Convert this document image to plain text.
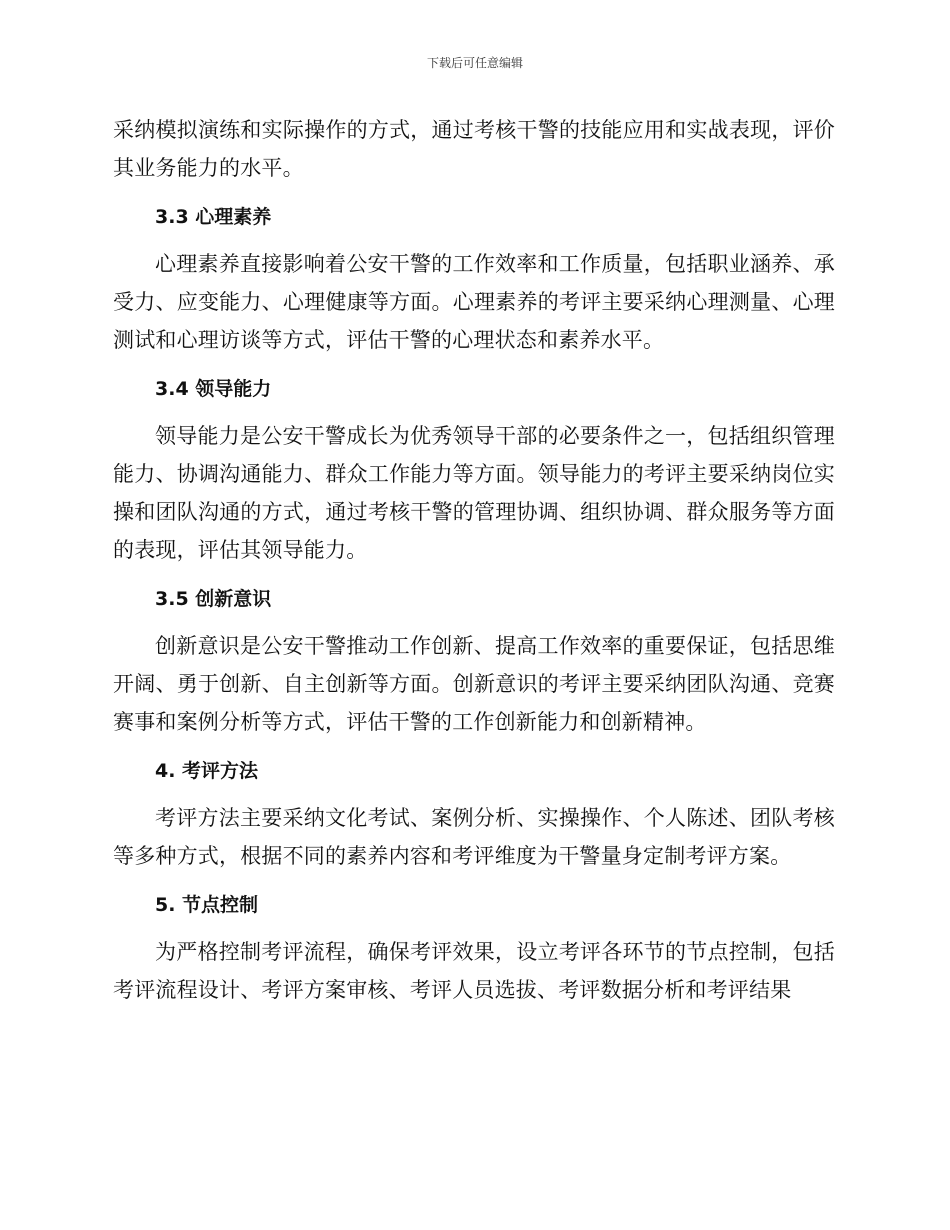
下载后可任意编辑

采纳模拟演练和实际操作的方式，通过考核干警的技能应用和实战表现，评价其业务能力的水平。

3.3 心理素养

心理素养直接影响着公安干警的工作效率和工作质量，包括职业涵养、承受力、应变能力、心理健康等方面。心理素养的考评主要采纳心理测量、心理测试和心理访谈等方式，评估干警的心理状态和素养水平。

3.4 领导能力

领导能力是公安干警成长为优秀领导干部的必要条件之一，包括组织管理能力、协调沟通能力、群众工作能力等方面。领导能力的考评主要采纳岗位实操和团队沟通的方式，通过考核干警的管理协调、组织协调、群众服务等方面的表现，评估其领导能力。

3.5 创新意识

创新意识是公安干警推动工作创新、提高工作效率的重要保证，包括思维开阔、勇于创新、自主创新等方面。创新意识的考评主要采纳团队沟通、竞赛赛事和案例分析等方式，评估干警的工作创新能力和创新精神。

4. 考评方法

考评方法主要采纳文化考试、案例分析、实操操作、个人陈述、团队考核等多种方式，根据不同的素养内容和考评维度为干警量身定制考评方案。

5. 节点控制

为严格控制考评流程，确保考评效果，设立考评各环节的节点控制，包括考评流程设计、考评方案审核、考评人员选拔、考评数据分析和考评结果
